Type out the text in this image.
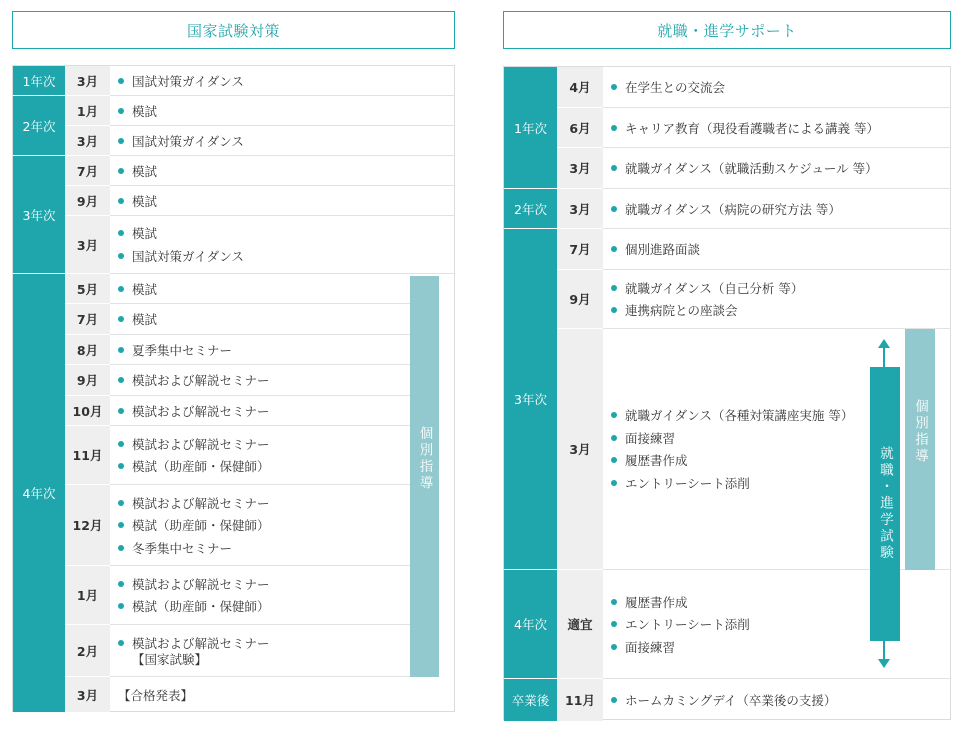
国家試験対策
1年次
2年次
3年次
4年次
3月
1月
3月
7月
9月
3月
5月
7月
8月
9月
10月
11月
12月
1月
2月
3月
国試対策ガイダンス
模試
国試対策ガイダンス
模試
模試
模試
国試対策ガイダンス
模試
模試
夏季集中セミナー
模試および解説セミナー
模試および解説セミナー
模試および解説セミナー
模試（助産師・保健師）
模試および解説セミナー
模試（助産師・保健師）
冬季集中セミナー
模試および解説セミナー
模試（助産師・保健師）
模試および解説セミナー
【国家試験】
【合格発表】
個別指導
就職・進学サポート
1年次
2年次
3年次
4年次
卒業後
4月
6月
3月
3月
7月
9月
3月
適宜
11月
在学生との交流会
キャリア教育（現役看護職者による講義 等）
就職ガイダンス（就職活動スケジュール 等）
就職ガイダンス（病院の研究方法 等）
個別進路面談
就職ガイダンス（自己分析 等）
連携病院との座談会
就職ガイダンス（各種対策講座実施 等）
面接練習
履歴書作成
エントリーシート添削
履歴書作成
エントリーシート添削
面接練習
ホームカミングデイ（卒業後の支援）
就職・進学試験
個別指導
